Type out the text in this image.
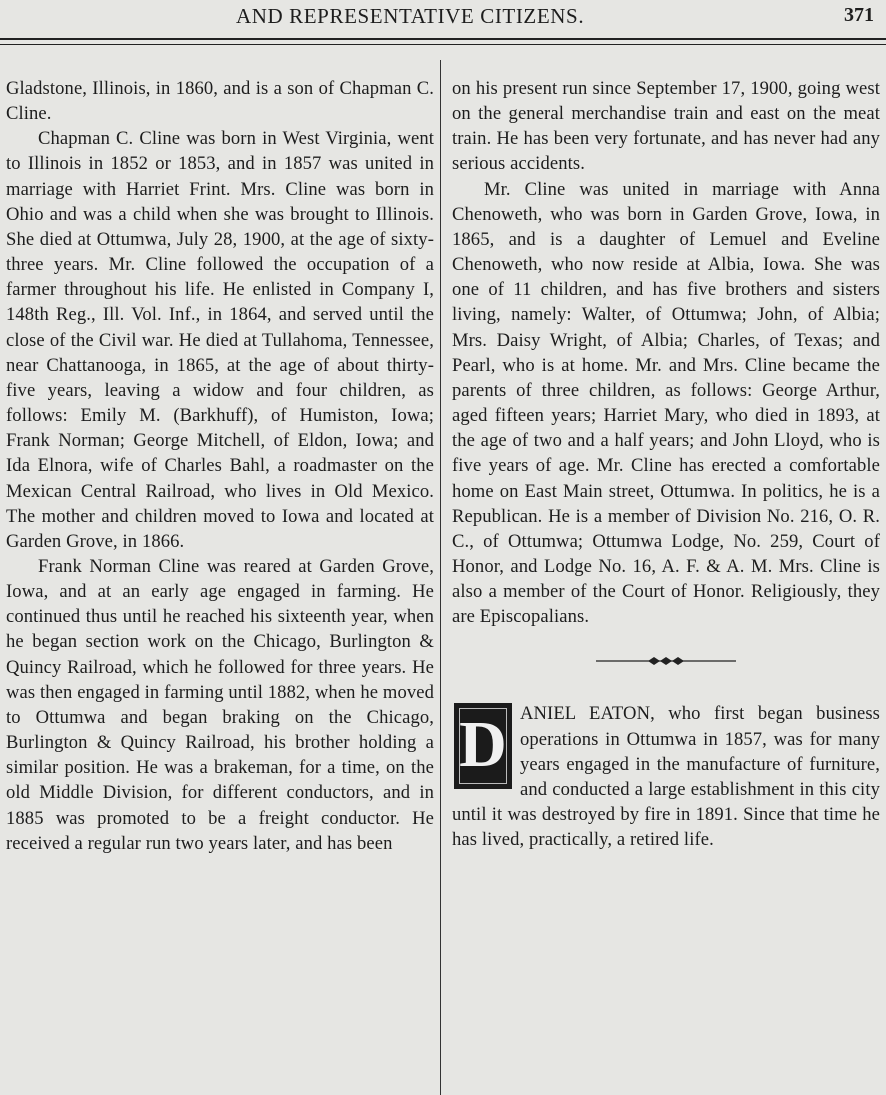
AND REPRESENTATIVE CITIZENS.	371

Gladstone, Illinois, in 1860, and is a son of Chapman C. Cline.

Chapman C. Cline was born in West Virginia, went to Illinois in 1852 or 1853, and in 1857 was united in marriage with Harriet Frint. Mrs. Cline was born in Ohio and was a child when she was brought to Illinois. She died at Ottumwa, July 28, 1900, at the age of sixty-three years. Mr. Cline followed the occupation of a farmer throughout his life. He enlisted in Company I, 148th Reg., Ill. Vol. Inf., in 1864, and served until the close of the Civil war. He died at Tullahoma, Tennessee, near Chattanooga, in 1865, at the age of about thirty-five years, leaving a widow and four children, as follows: Emily M. (Barkhuff), of Humiston, Iowa; Frank Norman; George Mitchell, of Eldon, Iowa; and Ida Elnora, wife of Charles Bahl, a roadmaster on the Mexican Central Railroad, who lives in Old Mexico. The mother and children moved to Iowa and located at Garden Grove, in 1866.

Frank Norman Cline was reared at Garden Grove, Iowa, and at an early age engaged in farming. He continued thus until he reached his sixteenth year, when he began section work on the Chicago, Burlington & Quincy Railroad, which he followed for three years. He was then engaged in farming until 1882, when he moved to Ottumwa and began braking on the Chicago, Burlington & Quincy Railroad, his brother holding a similar position. He was a brakeman, for a time, on the old Middle Division, for different conductors, and in 1885 was promoted to be a freight conductor. He received a regular run two years later, and has been

on his present run since September 17, 1900, going west on the general merchandise train and east on the meat train. He has been very fortunate, and has never had any serious accidents.

Mr. Cline was united in marriage with Anna Chenoweth, who was born in Garden Grove, Iowa, in 1865, and is a daughter of Lemuel and Eveline Chenoweth, who now reside at Albia, Iowa. She was one of 11 children, and has five brothers and sisters living, namely: Walter, of Ottumwa; John, of Albia; Mrs. Daisy Wright, of Albia; Charles, of Texas; and Pearl, who is at home. Mr. and Mrs. Cline became the parents of three children, as follows: George Arthur, aged fifteen years; Harriet Mary, who died in 1893, at the age of two and a half years; and John Lloyd, who is five years of age. Mr. Cline has erected a comfortable home on East Main street, Ottumwa. In politics, he is a Republican. He is a member of Division No. 216, O. R. C., of Ottumwa; Ottumwa Lodge, No. 259, Court of Honor, and Lodge No. 16, A. F. & A. M. Mrs. Cline is also a member of the Court of Honor. Religiously, they are Episcopalians.

D ANIEL EATON, who first began business operations in Ottumwa in 1857, was for many years engaged in the manufacture of furniture, and conducted a large establishment in this city until it was destroyed by fire in 1891. Since that time he has lived, practically, a retired life.
